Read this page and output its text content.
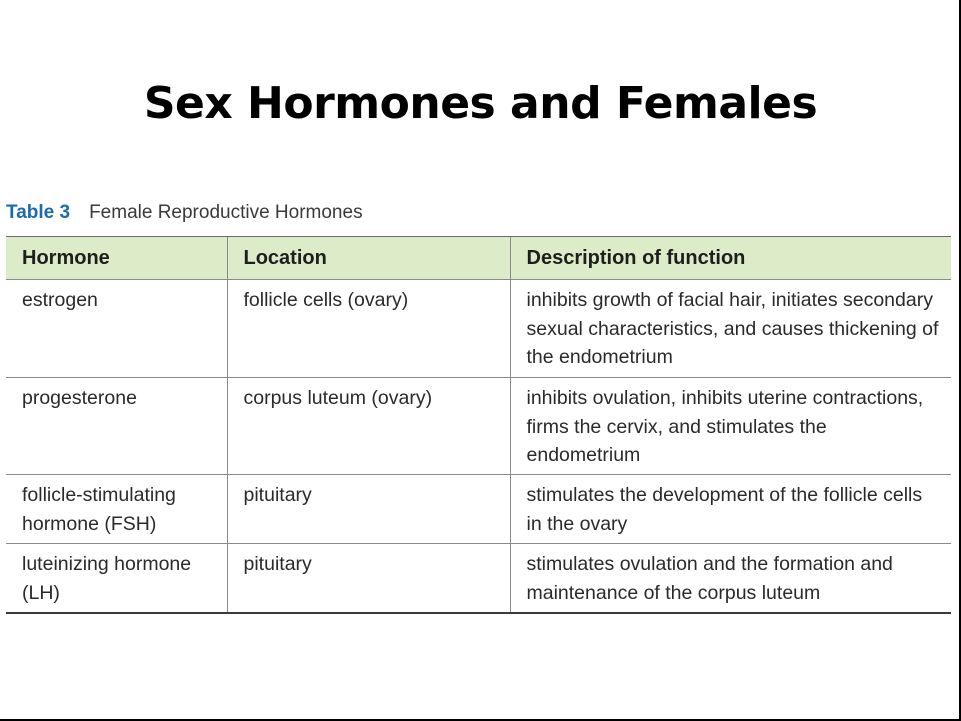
Sex Hormones and Females
Table 3 Female Reproductive Hormones
Hormone	Location	Description of function
estrogen	follicle cells (ovary)	inhibits growth of facial hair, initiates secondary sexual characteristics, and causes thickening of the endometrium
progesterone	corpus luteum (ovary)	inhibits ovulation, inhibits uterine contractions, firms the cervix, and stimulates the endometrium
follicle-stimulating hormone (FSH)	pituitary	stimulates the development of the follicle cells in the ovary
luteinizing hormone (LH)	pituitary	stimulates ovulation and the formation and maintenance of the corpus luteum
